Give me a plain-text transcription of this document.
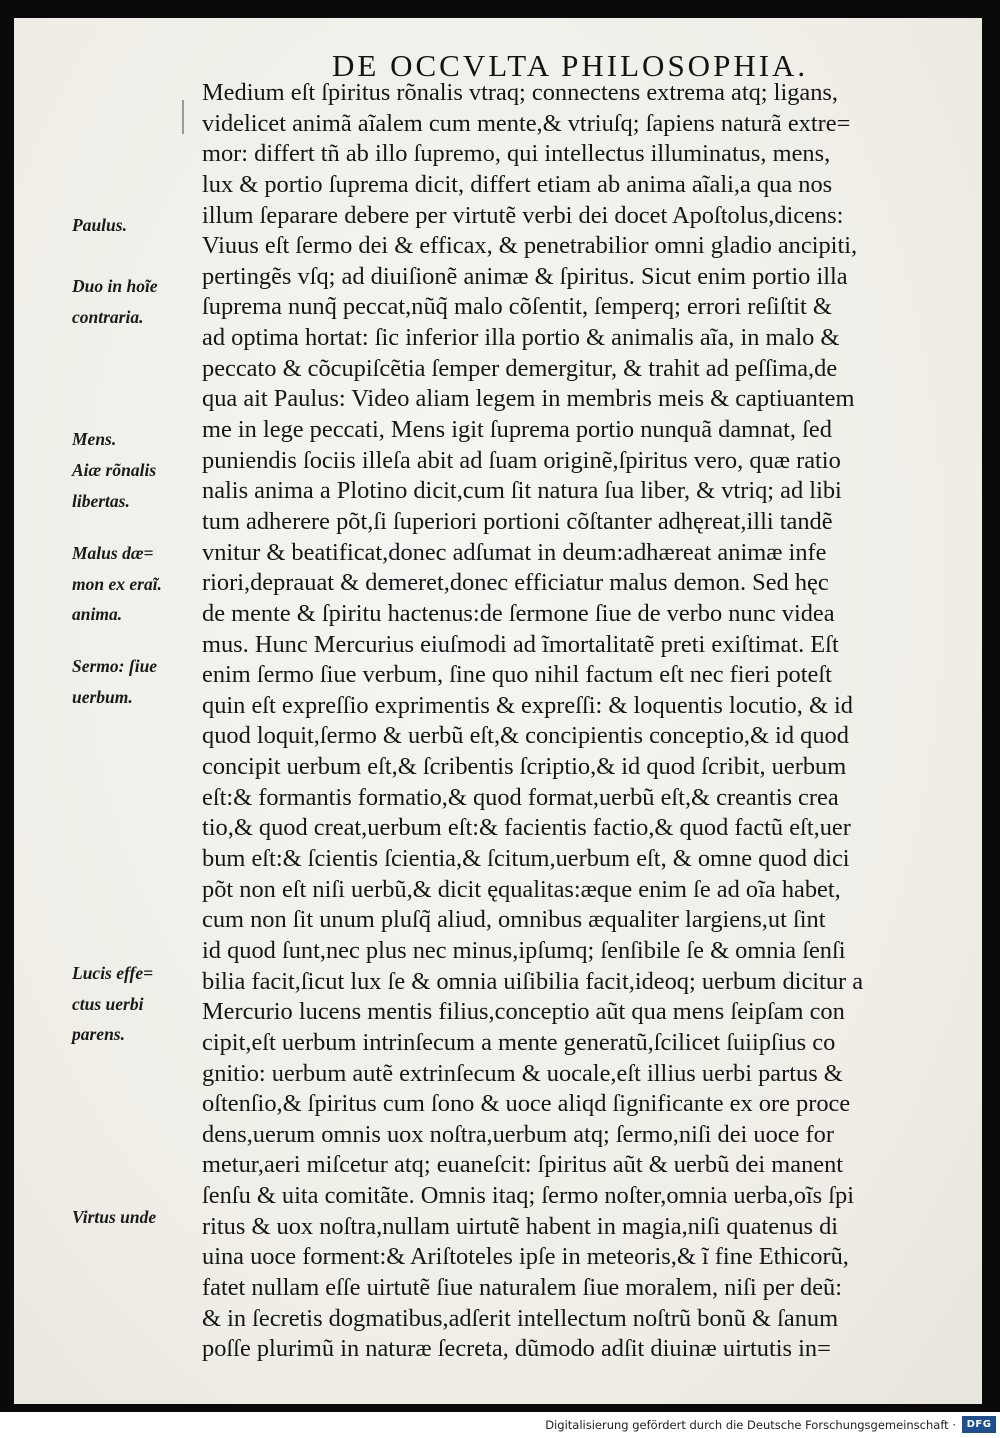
DE OCCVLTA PHILOSOPHIA.
Medium eſt ſpiritus rõnalis vtraq; connectens extrema atq; ligans,
videlicet animã aĩalem cum mente,& vtriuſq; ſapiens naturã extre=
mor: differt tñ ab illo ſupremo, qui intellectus illuminatus, mens,
lux & portio ſuprema dicit, differt etiam ab anima aĩali,a qua nos
illum ſeparare debere per virtutẽ verbi dei docet Apoſtolus,dicens:
Viuus eſt ſermo dei & efficax, & penetrabilior omni gladio ancipiti,
pertingẽs vſq; ad diuiſionẽ animæ & ſpiritus. Sicut enim portio illa
ſuprema nunq̃ peccat,nũq̃ malo cõſentit, ſemperq; errori reſiſtit &
ad optima hortat: ſic inferior illa portio & animalis aĩa, in malo &
peccato & cõcupiſcẽtia ſemper demergitur, & trahit ad peſſima,de
qua ait Paulus: Video aliam legem in membris meis & captiuantem
me in lege peccati, Mens igit ſuprema portio nunquã damnat, ſed
puniendis ſociis illeſa abit ad ſuam originẽ,ſpiritus vero, quæ ratio
nalis anima a Plotino dicit,cum ſit natura ſua liber, & vtriq; ad libi
tum adherere põt,ſi ſuperiori portioni cõſtanter adhęreat,illi tandẽ
vnitur & beatificat,donec adſumat in deum:adhæreat animæ infe
riori,deprauat & demeret,donec efficiatur malus demon. Sed hęc
de mente & ſpiritu hactenus:de ſermone ſiue de verbo nunc videa
mus. Hunc Mercurius eiuſmodi ad ĩmortalitatẽ preti exiſtimat. Eſt
enim ſermo ſiue verbum, ſine quo nihil factum eſt nec fieri poteſt
quin eſt expreſſio exprimentis & expreſſi: & loquentis locutio, & id
quod loquit,ſermo & uerbũ eſt,& concipientis conceptio,& id quod
concipit uerbum eſt,& ſcribentis ſcriptio,& id quod ſcribit, uerbum
eſt:& formantis formatio,& quod format,uerbũ eſt,& creantis crea
tio,& quod creat,uerbum eſt:& facientis factio,& quod factũ eſt,uer
bum eſt:& ſcientis ſcientia,& ſcitum,uerbum eſt, & omne quod dici
põt non eſt niſi uerbũ,& dicit ęqualitas:æque enim ſe ad oĩa habet,
cum non ſit unum pluſq̃ aliud, omnibus æqualiter largiens,ut ſint
id quod ſunt,nec plus nec minus,ipſumq; ſenſibile ſe & omnia ſenſi
bilia facit,ſicut lux ſe & omnia uiſibilia facit,ideoq; uerbum dicitur a
Mercurio lucens mentis filius,conceptio aũt qua mens ſeipſam con
cipit,eſt uerbum intrinſecum a mente generatũ,ſcilicet ſuiipſius co
gnitio: uerbum autẽ extrinſecum & uocale,eſt illius uerbi partus &
oſtenſio,& ſpiritus cum ſono & uoce aliqd ſignificante ex ore proce
dens,uerum omnis uox noſtra,uerbum atq; ſermo,niſi dei uoce for
metur,aeri miſcetur atq; euaneſcit: ſpiritus aũt & uerbũ dei manent
ſenſu & uita comitãte. Omnis itaq; ſermo noſter,omnia uerba,oĩs ſpi
ritus & uox noſtra,nullam uirtutẽ habent in magia,niſi quatenus di
uina uoce forment:& Ariſtoteles ipſe in meteoris,& ĩ fine Ethicorũ,
fatet nullam eſſe uirtutẽ ſiue naturalem ſiue moralem, niſi per deũ:
& in ſecretis dogmatibus,adſerit intellectum noſtrũ bonũ & ſanum
poſſe plurimũ in naturæ ſecreta, dũmodo adſit diuinæ uirtutis in=
Paulus.
Duo in hoĩe
contraria.
Mens.
Aiæ rõnalis
libertas.
Malus dæ=
mon ex eraĩ.
anima.
Sermo: ſiue
uerbum.
Lucis effe=
ctus uerbi
parens.
Virtus unde
Digitalisierung gefördert durch die Deutsche Forschungsgemeinschaft ·	DFG
